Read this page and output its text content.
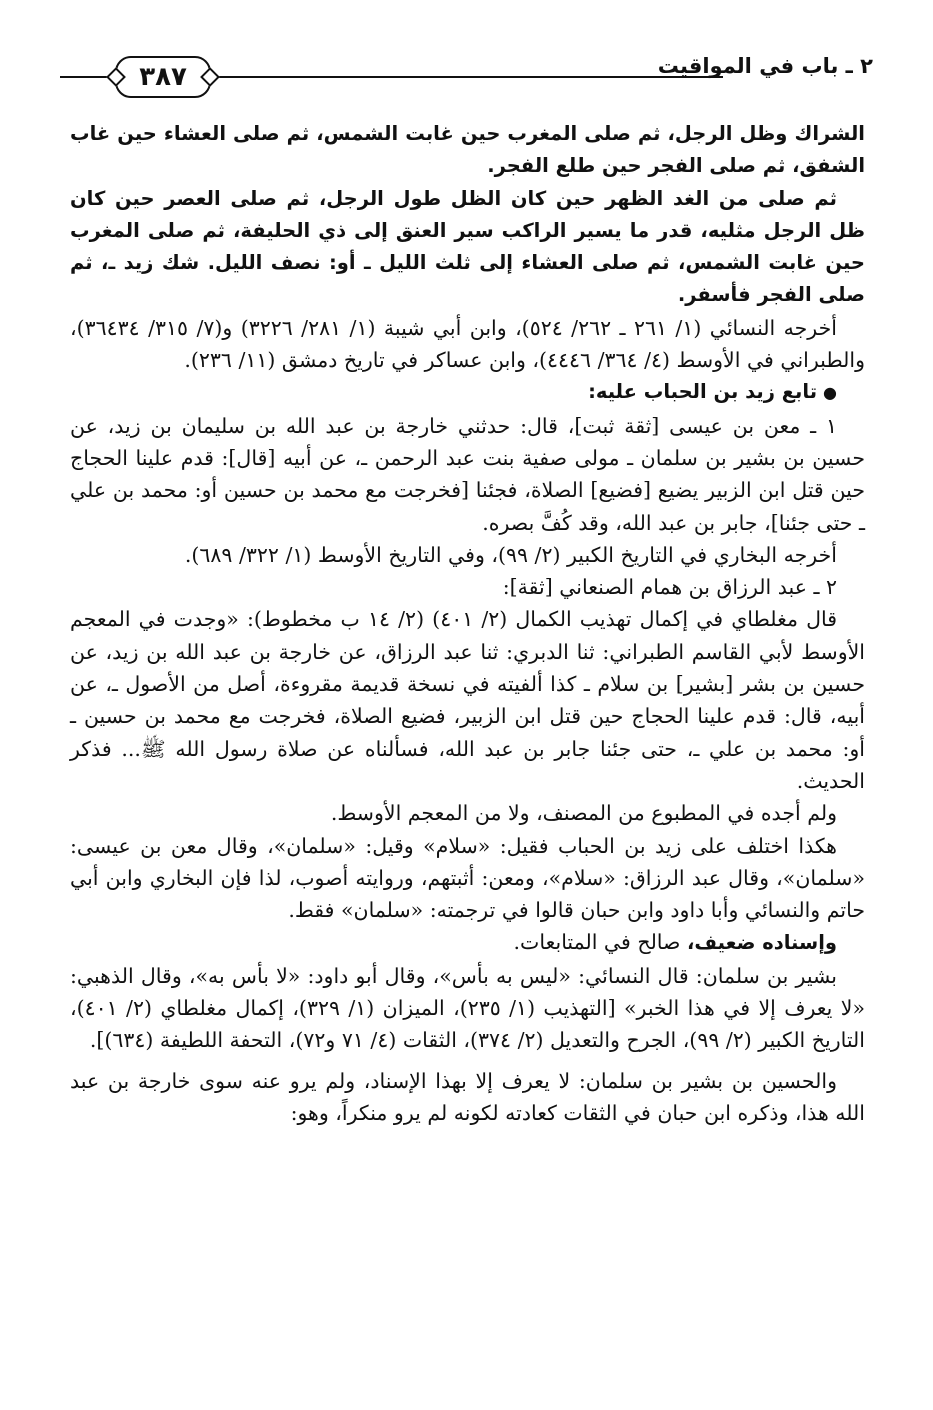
٢ ـ باب في المواقيت
٣٨٧

الشراك وظل الرجل، ثم صلى المغرب حين غابت الشمس، ثم صلى العشاء حين غاب الشفق، ثم صلى الفجر حين طلع الفجر.

ثم صلى من الغد الظهر حين كان الظل طول الرجل، ثم صلى العصر حين كان ظل الرجل مثليه، قدر ما يسير الراكب سير العنق إلى ذي الحليفة، ثم صلى المغرب حين غابت الشمس، ثم صلى العشاء إلى ثلث الليل ـ أو: نصف الليل. شك زيد ـ، ثم صلى الفجر فأسفر.

أخرجه النسائي (١/ ٢٦١ ـ ٢٦٢/ ٥٢٤)، وابن أبي شيبة (١/ ٢٨١/ ٣٢٢٦) و(٧/ ٣١٥/ ٣٦٤٣٤)، والطبراني في الأوسط (٤/ ٣٦٤/ ٤٤٤٦)، وابن عساكر في تاريخ دمشق (١١/ ٢٣٦).

●تابع زيد بن الحباب عليه:

١ ـ معن بن عيسى [ثقة ثبت]، قال: حدثني خارجة بن عبد الله بن سليمان بن زيد، عن حسين بن بشير بن سلمان ـ مولى صفية بنت عبد الرحمن ـ، عن أبيه [قال]: قدم علينا الحجاج حين قتل ابن الزبير يضيع [فضيع] الصلاة، فجئنا [فخرجت مع محمد بن حسين أو: محمد بن علي ـ حتى جئنا]، جابر بن عبد الله، وقد كُفَّ بصره.

أخرجه البخاري في التاريخ الكبير (٢/ ٩٩)، وفي التاريخ الأوسط (١/ ٣٢٢/ ٦٨٩).

٢ ـ عبد الرزاق بن همام الصنعاني [ثقة]:

قال مغلطاي في إكمال تهذيب الكمال (٢/ ٤٠١) (٢/ ١٤ ب مخطوط): «وجدت في المعجم الأوسط لأبي القاسم الطبراني: ثنا الدبري: ثنا عبد الرزاق، عن خارجة بن عبد الله بن زيد، عن حسين بن بشر [بشير] بن سلام ـ كذا ألفيته في نسخة قديمة مقروءة، أصل من الأصول ـ، عن أبيه، قال: قدم علينا الحجاج حين قتل ابن الزبير، فضيع الصلاة، فخرجت مع محمد بن حسين ـ أو: محمد بن علي ـ، حتى جئنا جابر بن عبد الله، فسألناه عن صلاة رسول الله ﷺ... فذكر الحديث.

ولم أجده في المطبوع من المصنف، ولا من المعجم الأوسط.

هكذا اختلف على زيد بن الحباب فقيل: «سلام» وقيل: «سلمان»، وقال معن بن عيسى: «سلمان»، وقال عبد الرزاق: «سلام»، ومعن: أثبتهم، وروايته أصوب، لذا فإن البخاري وابن أبي حاتم والنسائي وأبا داود وابن حبان قالوا في ترجمته: «سلمان» فقط.

وإسناده ضعيف، صالح في المتابعات.

بشير بن سلمان: قال النسائي: «ليس به بأس»، وقال أبو داود: «لا بأس به»، وقال الذهبي: «لا يعرف إلا في هذا الخبر» [التهذيب (١/ ٢٣٥)، الميزان (١/ ٣٢٩)، إكمال مغلطاي (٢/ ٤٠١)، التاريخ الكبير (٢/ ٩٩)، الجرح والتعديل (٢/ ٣٧٤)، الثقات (٤/ ٧١ و٧٢)، التحفة اللطيفة (٦٣٤)].

والحسين بن بشير بن سلمان: لا يعرف إلا بهذا الإسناد، ولم يرو عنه سوى خارجة بن عبد الله هذا، وذكره ابن حبان في الثقات كعادته لكونه لم يرو منكراً، وهو:
